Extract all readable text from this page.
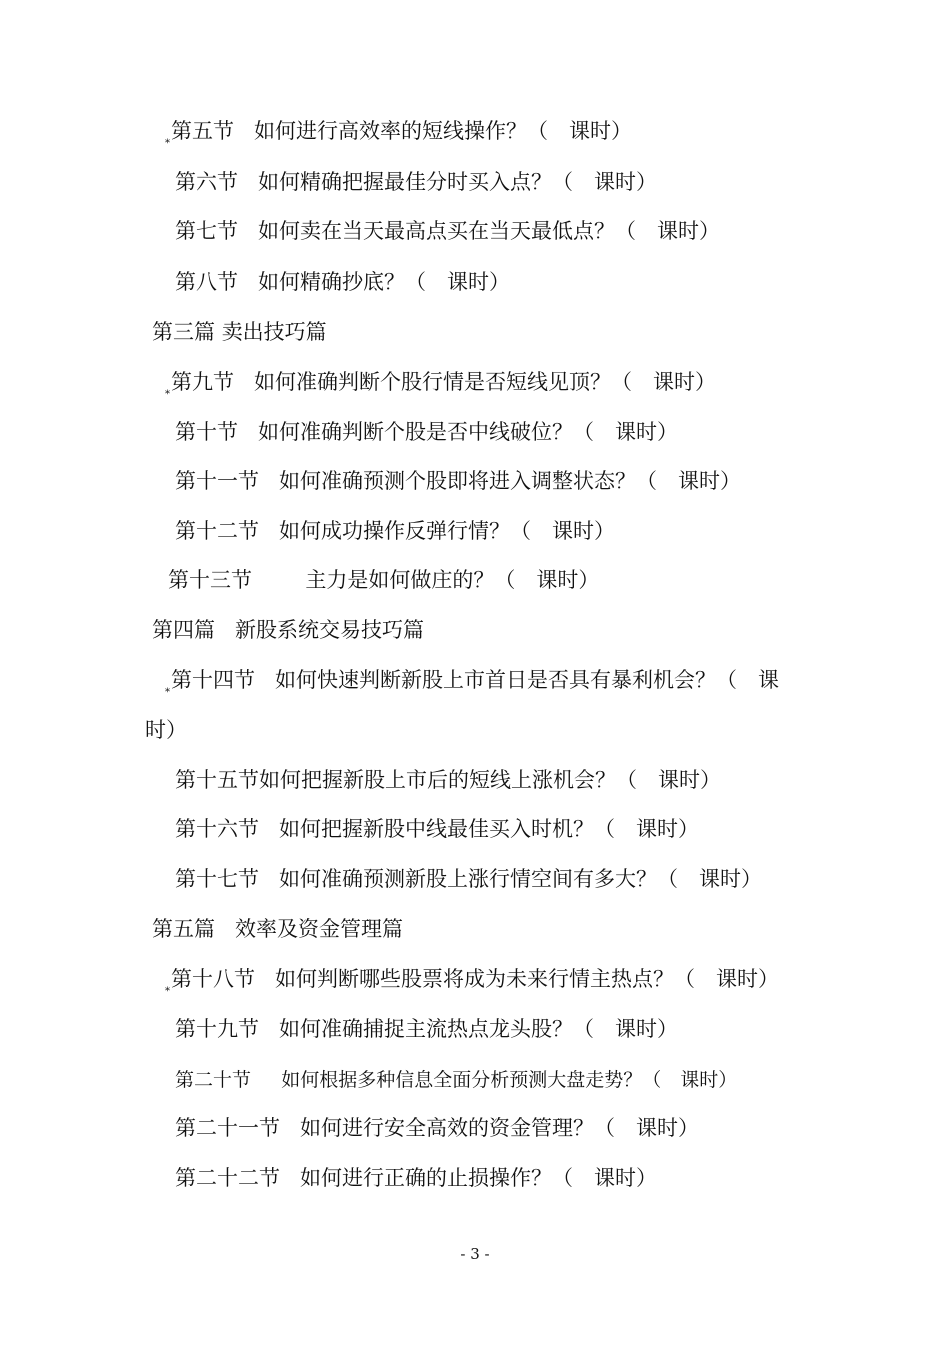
$_*$第五节 如何进行高效率的短线操作？（　课时）
第六节 如何精确把握最佳分时买入点？（　课时）
第七节 如何卖在当天最高点买在当天最低点？（　课时）
第八节 如何精确抄底？（　课时）
第三篇 卖出技巧篇
$_*$第九节 如何准确判断个股行情是否短线见顶？（　课时）
第十节 如何准确判断个股是否中线破位？（　课时）
第十一节 如何准确预测个股即将进入调整状态？（　课时）
第十二节 如何成功操作反弹行情？（　课时）
第十三节	主力是如何做庄的？（　课时）
第四篇 新股系统交易技巧篇
$_*$第十四节 如何快速判断新股上市首日是否具有暴利机会？（　课
时）
第十五节如何把握新股上市后的短线上涨机会？（　课时）
第十六节 如何把握新股中线最佳买入时机？（　课时）
第十七节 如何准确预测新股上涨行情空间有多大？（　课时）
第五篇 效率及资金管理篇
$_*$第十八节 如何判断哪些股票将成为未来行情主热点？（　课时）
第十九节 如何准确捕捉主流热点龙头股？（　课时）
第二十节 如何根据多种信息全面分析预测大盘走势？（　课时）
第二十一节 如何进行安全高效的资金管理？（　课时）
第二十二节 如何进行正确的止损操作？（　课时）
- 3 -
